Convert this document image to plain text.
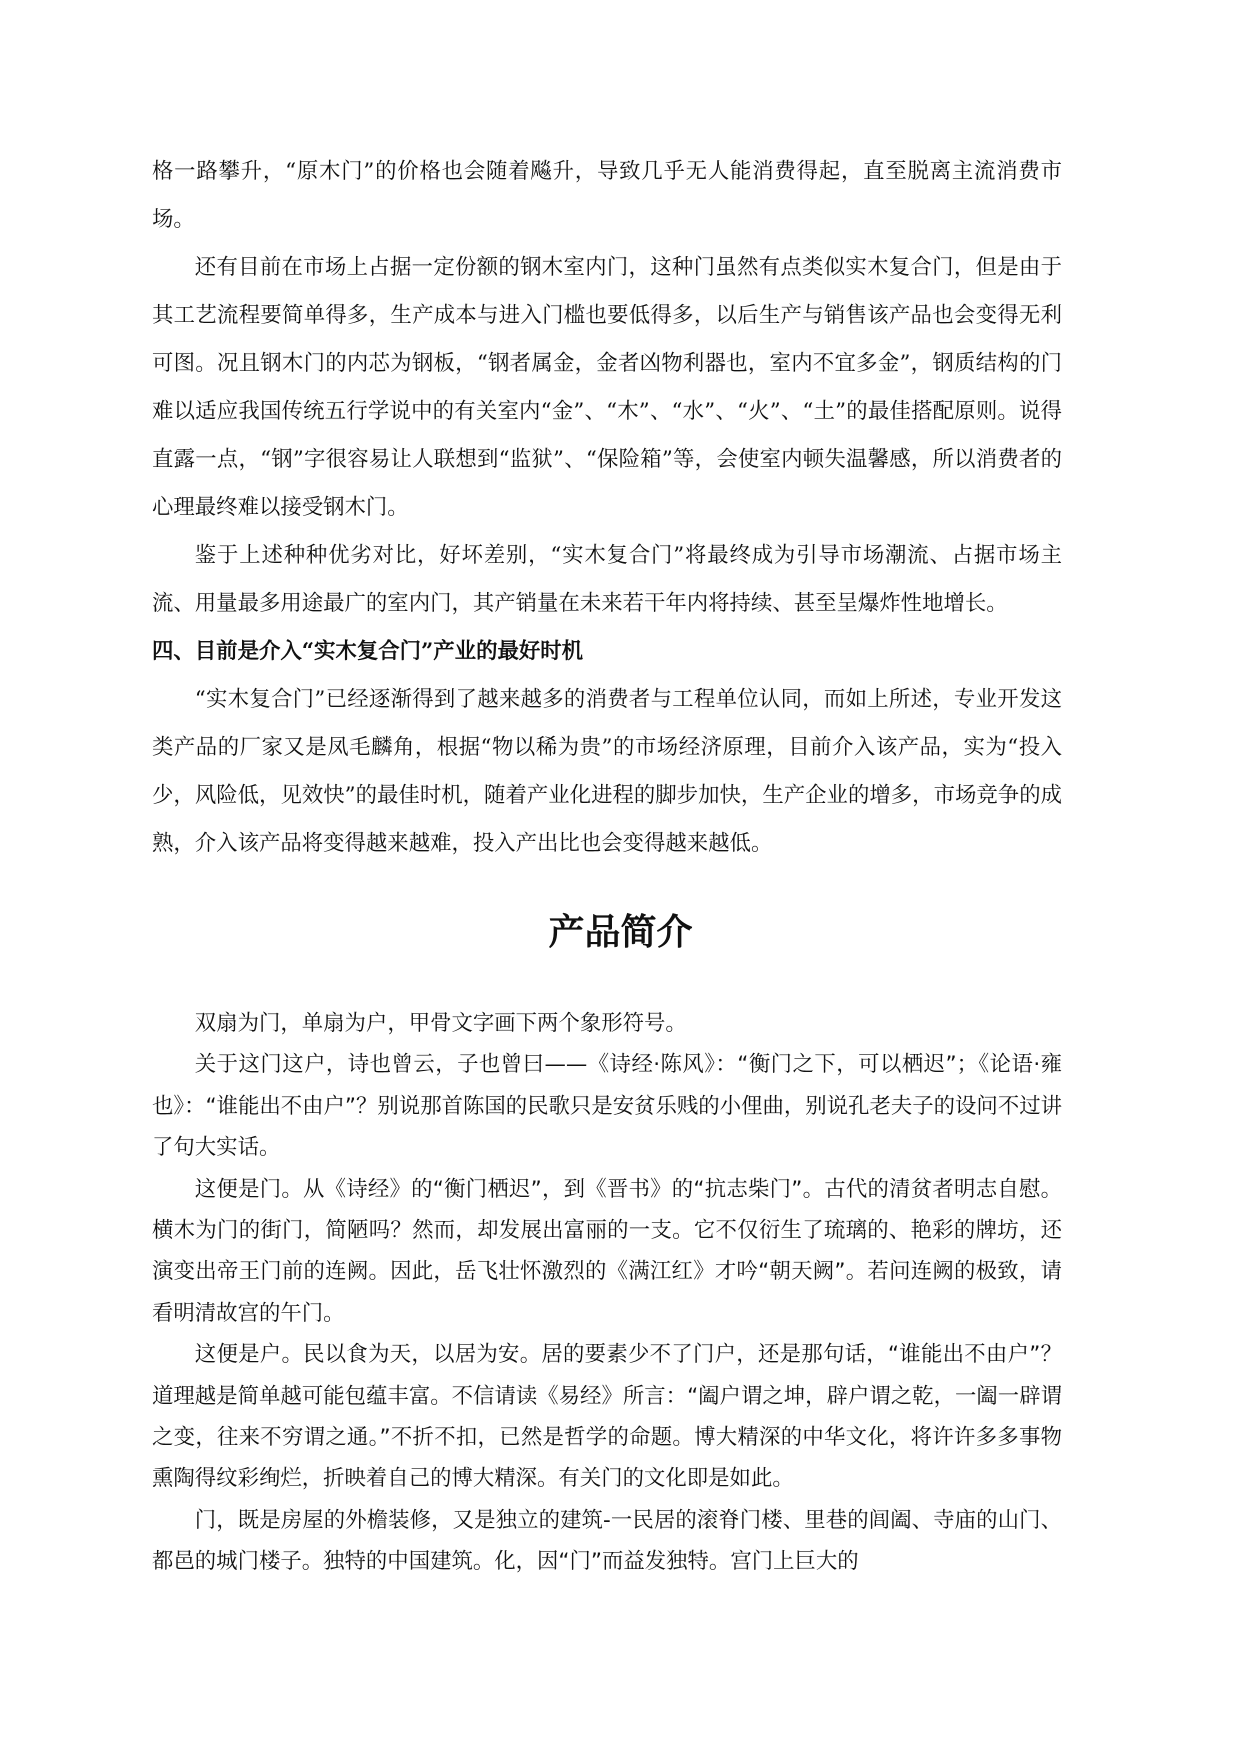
格一路攀升，“原木门”的价格也会随着飚升，导致几乎无人能消费得起，直至脱离主流消费市场。

还有目前在市场上占据一定份额的钢木室内门，这种门虽然有点类似实木复合门，但是由于其工艺流程要简单得多，生产成本与进入门槛也要低得多，以后生产与销售该产品也会变得无利可图。况且钢木门的内芯为钢板，“钢者属金，金者凶物利器也，室内不宜多金”，钢质结构的门难以适应我国传统五行学说中的有关室内“金”、“木”、“水”、“火”、“土”的最佳搭配原则。说得直露一点，“钢”字很容易让人联想到“监狱”、“保险箱”等，会使室内顿失温馨感，所以消费者的心理最终难以接受钢木门。

鉴于上述种种优劣对比，好坏差别，“实木复合门”将最终成为引导市场潮流、占据市场主流、用量最多用途最广的室内门，其产销量在未来若干年内将持续、甚至呈爆炸性地增长。

四、目前是介入“实木复合门”产业的最好时机

“实木复合门”已经逐渐得到了越来越多的消费者与工程单位认同，而如上所述，专业开发这类产品的厂家又是凤毛麟角，根据“物以稀为贵”的市场经济原理，目前介入该产品，实为“投入少，风险低，见效快”的最佳时机，随着产业化进程的脚步加快，生产企业的增多，市场竞争的成熟，介入该产品将变得越来越难，投入产出比也会变得越来越低。

产品简介

双扇为门，单扇为户，甲骨文字画下两个象形符号。

关于这门这户，诗也曾云，子也曾曰——《诗经·陈风》：“衡门之下，可以栖迟”；《论语·雍也》：“谁能出不由户”？别说那首陈国的民歌只是安贫乐贱的小俚曲，别说孔老夫子的设问不过讲了句大实话。

这便是门。从《诗经》的“衡门栖迟”，到《晋书》的“抗志柴门”。古代的清贫者明志自慰。横木为门的街门，简陋吗？然而，却发展出富丽的一支。它不仅衍生了琉璃的、艳彩的牌坊，还演变出帝王门前的连阙。因此，岳飞壮怀激烈的《满江红》才吟“朝天阙”。若问连阙的极致，请看明清故宫的午门。

这便是户。民以食为天，以居为安。居的要素少不了门户，还是那句话，“谁能出不由户”？道理越是简单越可能包蕴丰富。不信请读《易经》所言：“阖户谓之坤，辟户谓之乾，一阖一辟谓之变，往来不穷谓之通。”不折不扣，已然是哲学的命题。博大精深的中华文化，将许许多多事物熏陶得纹彩绚烂，折映着自己的博大精深。有关门的文化即是如此。

门，既是房屋的外檐装修，又是独立的建筑-一民居的滚脊门楼、里巷的闾阖、寺庙的山门、都邑的城门楼子。独特的中国建筑。化，因“门”而益发独特。宫门上巨大的
